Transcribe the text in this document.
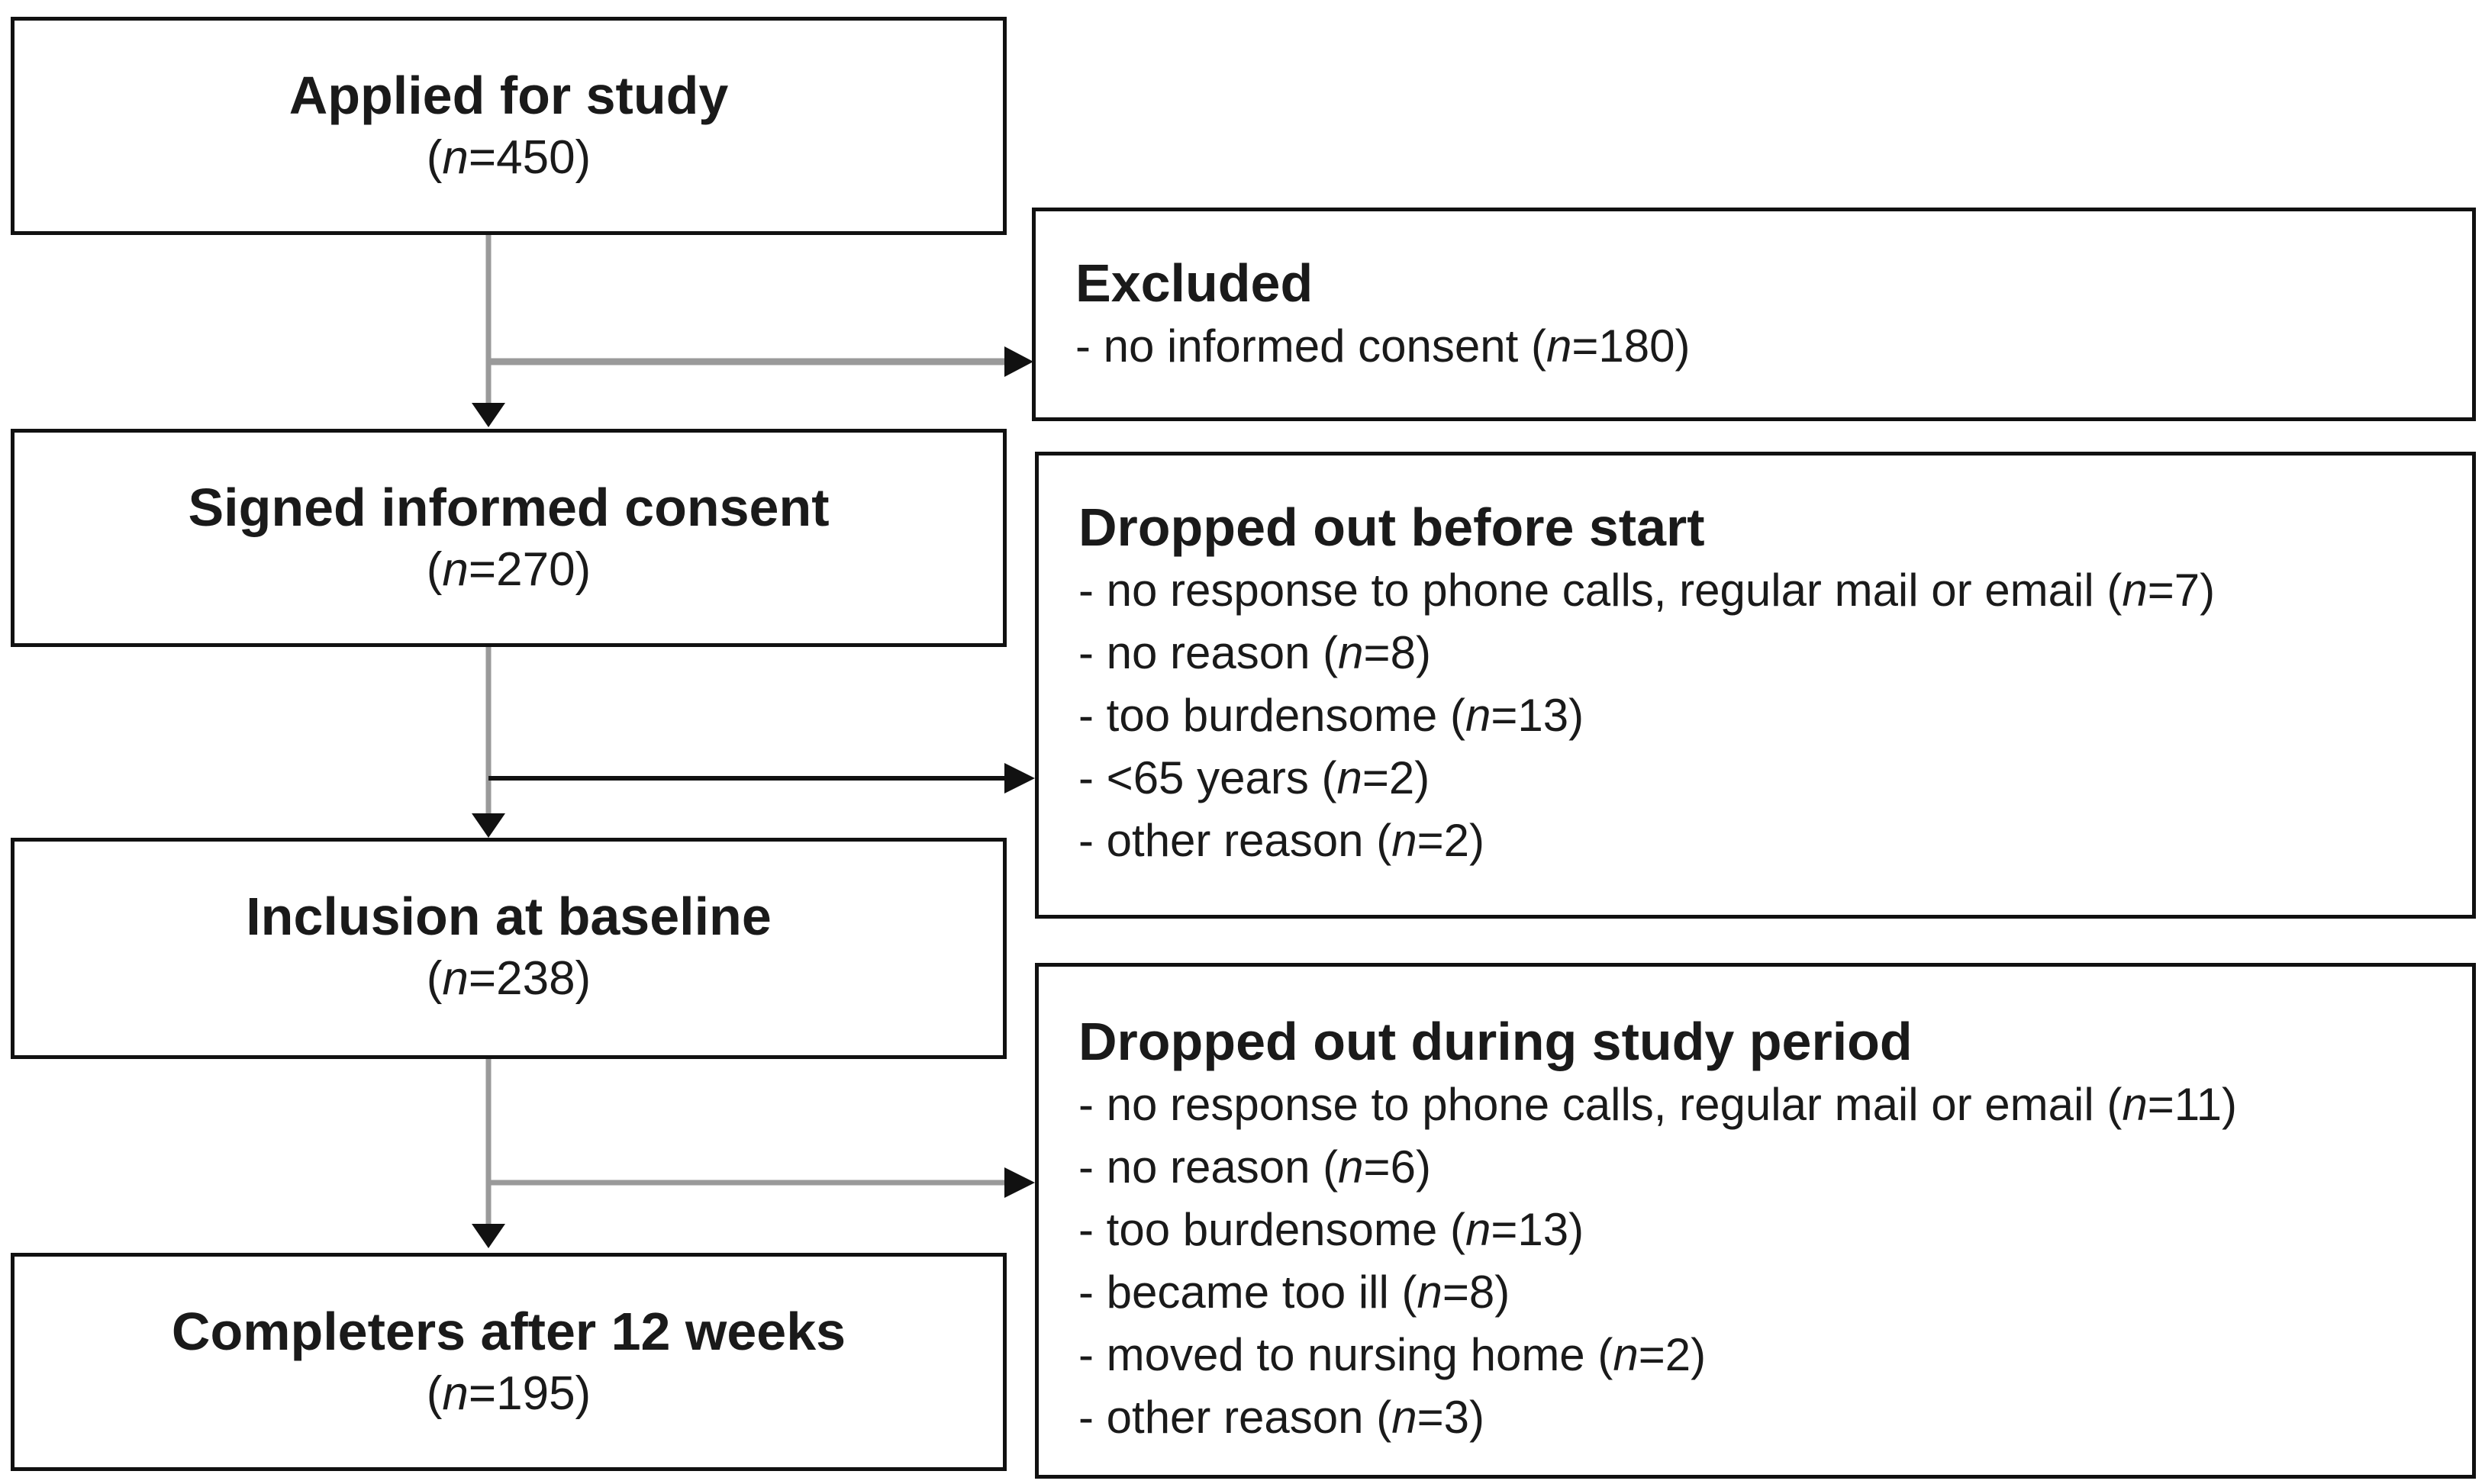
Applied for study
(n=450)
Signed informed consent
(n=270)
Inclusion at baseline
(n=238)
Completers after 12 weeks
(n=195)
Excluded
- no informed consent (n=180)
Dropped out before start
- no response to phone calls, regular mail or email (n=7)
- no reason (n=8)
- too burdensome (n=13)
- <65 years (n=2)
- other reason (n=2)
Dropped out during study period
- no response to phone calls, regular mail or email (n=11)
- no reason (n=6)
- too burdensome (n=13)
- became too ill (n=8)
- moved to nursing home (n=2)
- other reason (n=3)
